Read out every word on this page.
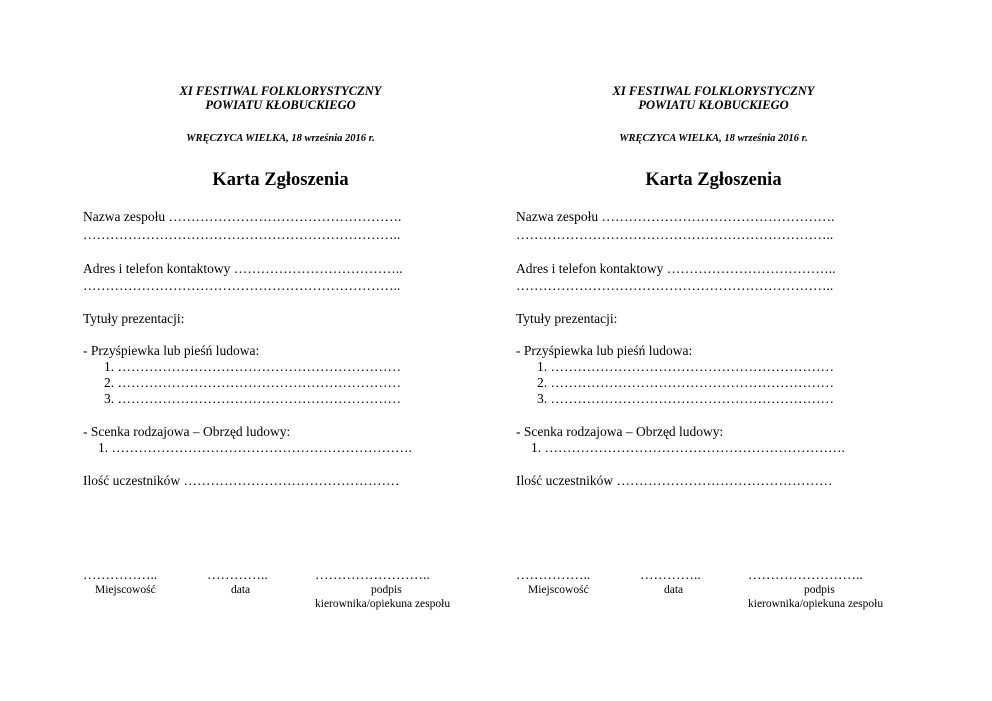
XI FESTIWAL FOLKLORYSTYCZNY
POWIATU KŁOBUCKIEGO
WRĘCZYCA WIELKA, 18 września 2016 r.
Karta Zgłoszenia
Nazwa zespołu …………………………………………….
……………………………………………………………..
Adres i telefon kontaktowy ………………………………..
……………………………………………………………..
Tytuły prezentacji:
- Przyśpiewka lub pieśń ludowa:
1. ………………………………………………………
2. ………………………………………………………
3. ………………………………………………………
- Scenka rodzajowa – Obrzęd ludowy:
1. ………………………………………………………….
Ilość uczestników …………………………………………
……………..	…………..	……………………..
Miejscowość	data	podpis
kierownika/opiekuna zespołu
XI FESTIWAL FOLKLORYSTYCZNY
POWIATU KŁOBUCKIEGO
WRĘCZYCA WIELKA, 18 września 2016 r.
Karta Zgłoszenia
Nazwa zespołu …………………………………………….
……………………………………………………………..
Adres i telefon kontaktowy ………………………………..
……………………………………………………………..
Tytuły prezentacji:
- Przyśpiewka lub pieśń ludowa:
1. ………………………………………………………
2. ………………………………………………………
3. ………………………………………………………
- Scenka rodzajowa – Obrzęd ludowy:
1. ………………………………………………………….
Ilość uczestników …………………………………………
……………..	…………..	……………………..
Miejscowość	data	podpis
kierownika/opiekuna zespołu
